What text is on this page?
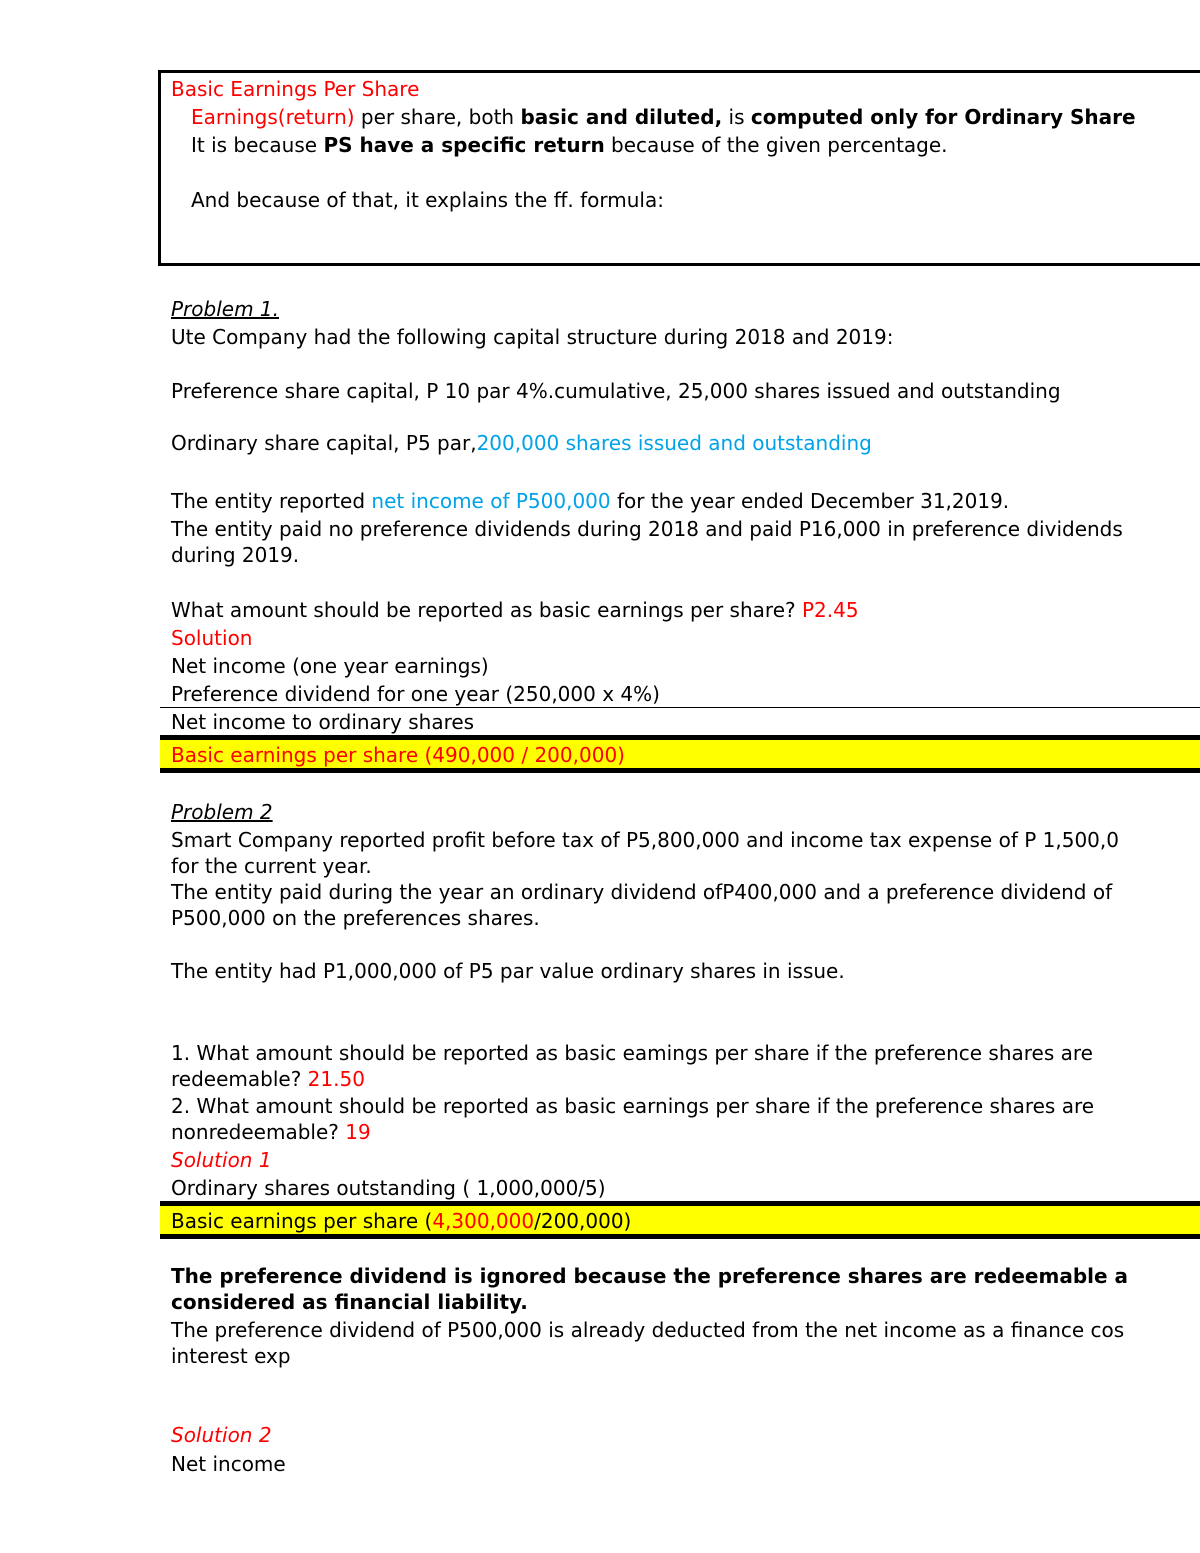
Basic Earnings Per Share
Earnings(return) per share, both basic and diluted, is computed only for Ordinary Share
It is because PS have a specific return because of the given percentage.
And because of that, it explains the ff. formula:
Problem 1.
Ute Company had the following capital structure during 2018 and 2019:
Preference share capital, P 10 par 4%.cumulative, 25,000 shares issued and outstanding
Ordinary share capital, P5 par,200,000 shares issued and outstanding
The entity reported net income of P500,000 for the year ended December 31,2019.
The entity paid no preference dividends during 2018 and paid P16,000 in preference dividends
during 2019.
What amount should be reported as basic earnings per share? P2.45
Solution
Net income (one year earnings)
Preference dividend for one year (250,000 x 4%)
Net income to ordinary shares
Basic earnings per share (490,000 / 200,000)
Problem 2
Smart Company reported profit before tax of P5,800,000 and income tax expense of P 1,500,0
for the current year.
The entity paid during the year an ordinary dividend ofP400,000 and a preference dividend of
P500,000 on the preferences shares.
The entity had P1,000,000 of P5 par value ordinary shares in issue.
1. What amount should be reported as basic eamings per share if the preference shares are
redeemable? 21.50
2. What amount should be reported as basic earnings per share if the preference shares are
nonredeemable? 19
Solution 1
Ordinary shares outstanding ( 1,000,000/5)
Basic earnings per share (4,300,000/200,000)
The preference dividend is ignored because the preference shares are redeemable a
considered as financial liability.
The preference dividend of P500,000 is already deducted from the net income as a finance cos
interest exp
Solution 2
Net income
